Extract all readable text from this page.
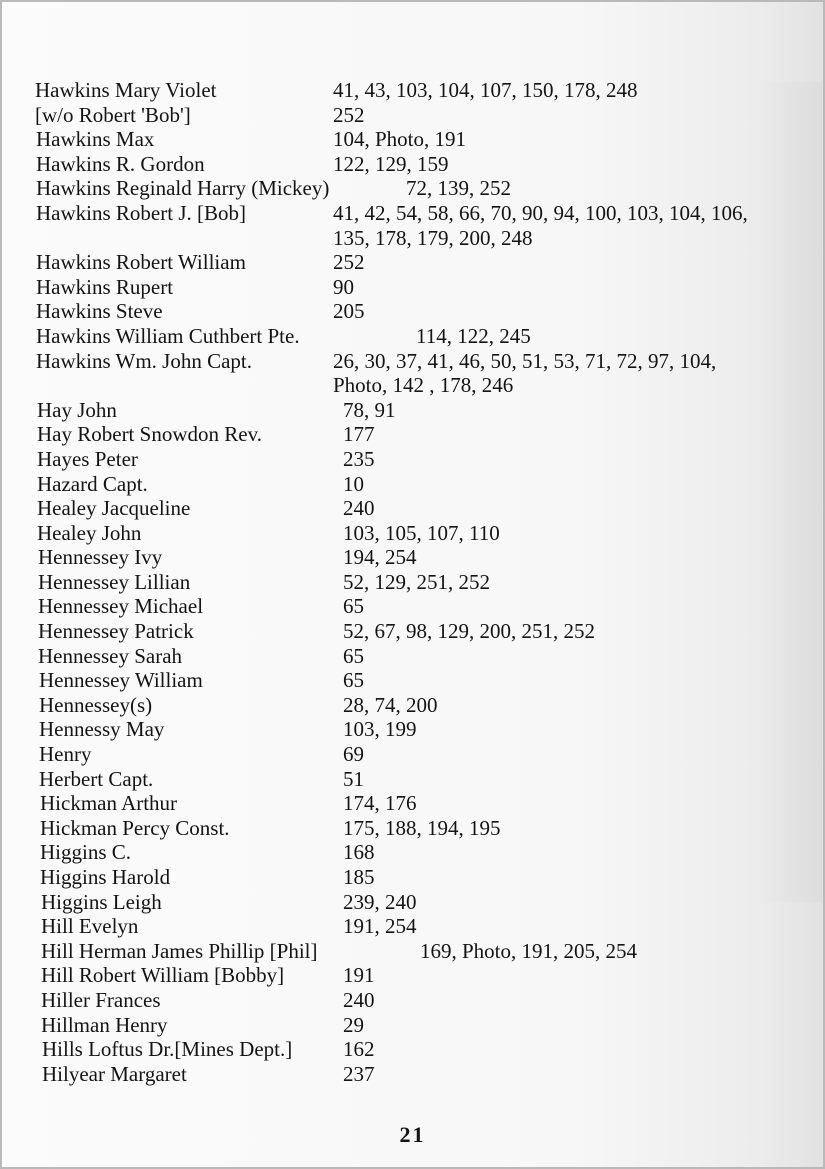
Hawkins Mary Violet	41, 43, 103, 104, 107, 150, 178, 248
[w/o Robert 'Bob']	252
Hawkins Max	104, Photo, 191
Hawkins R. Gordon	122, 129, 159
Hawkins Reginald Harry (Mickey)	72, 139, 252
Hawkins Robert J. [Bob]	41, 42, 54, 58, 66, 70, 90, 94, 100, 103, 104, 106, 135, 178, 179, 200, 248
Hawkins Robert William	252
Hawkins Rupert	90
Hawkins Steve	205
Hawkins William Cuthbert Pte.	114, 122, 245
Hawkins Wm. John Capt.	26, 30, 37, 41, 46, 50, 51, 53, 71, 72, 97, 104, Photo, 142 , 178, 246
Hay John	78, 91
Hay Robert Snowdon Rev.	177
Hayes Peter	235
Hazard Capt.	10
Healey Jacqueline	240
Healey John	103, 105, 107, 110
Hennessey Ivy	194, 254
Hennessey Lillian	52, 129, 251, 252
Hennessey Michael	65
Hennessey Patrick	52, 67, 98, 129, 200, 251, 252
Hennessey Sarah	65
Hennessey William	65
Hennessey(s)	28, 74, 200
Hennessy May	103, 199
Henry	69
Herbert Capt.	51
Hickman Arthur	174, 176
Hickman Percy Const.	175, 188, 194, 195
Higgins C.	168
Higgins Harold	185
Higgins Leigh	239, 240
Hill Evelyn	191, 254
Hill Herman James Phillip [Phil]	169, Photo, 191, 205, 254
Hill Robert William [Bobby]	191
Hiller Frances	240
Hillman Henry	29
Hills Loftus Dr.[Mines Dept.] 162
Hilyear Margaret	237
21
